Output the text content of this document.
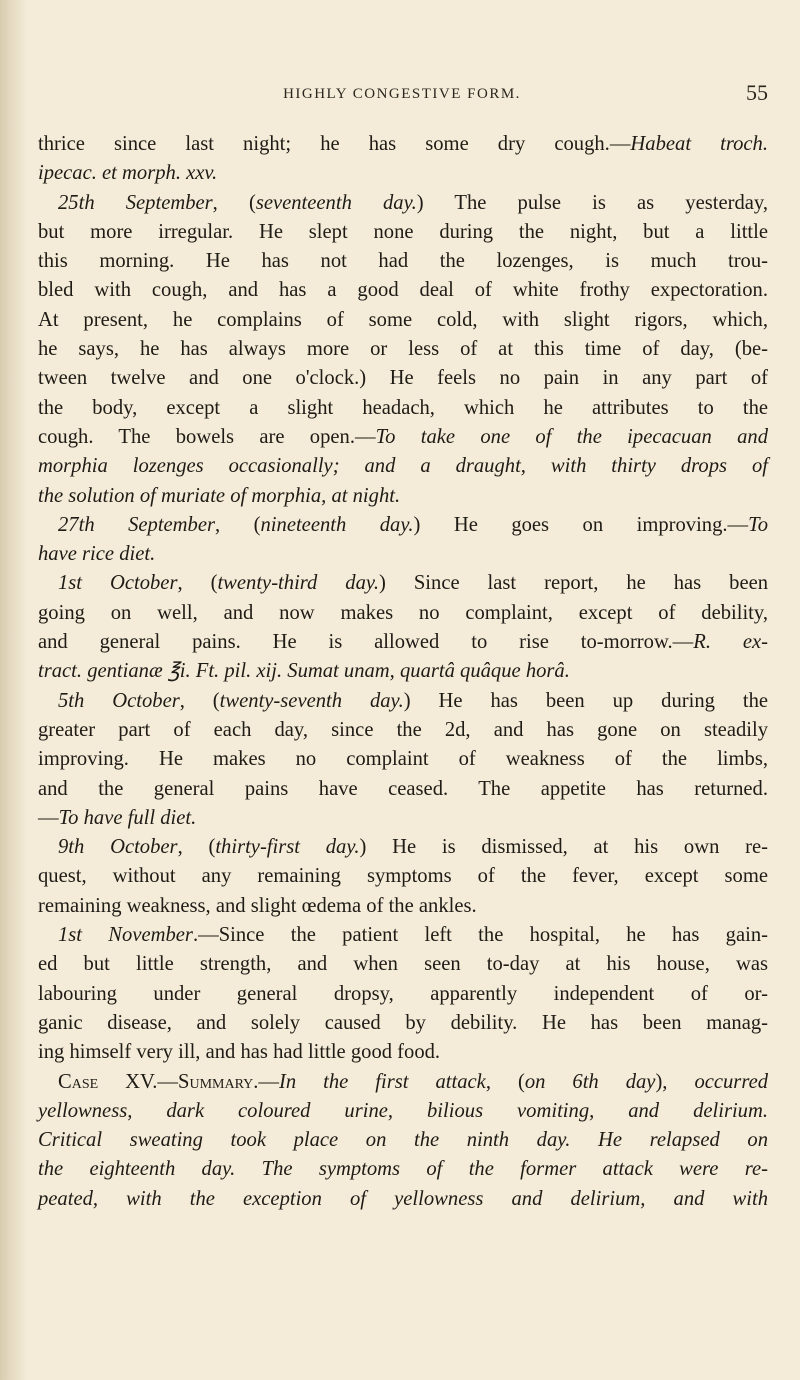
HIGHLY CONGESTIVE FORM.	55

thrice since last night; he has some dry cough.—Habeat troch.
ipecac. et morph. xxv.
25th September, (seventeenth day.) The pulse is as yesterday,
but more irregular. He slept none during the night, but a little
this morning. He has not had the lozenges, is much trou-
bled with cough, and has a good deal of white frothy expectoration.
At present, he complains of some cold, with slight rigors, which,
he says, he has always more or less of at this time of day, (be-
tween twelve and one o'clock.) He feels no pain in any part of
the body, except a slight headach, which he attributes to the
cough. The bowels are open.—To take one of the ipecacuan and
morphia lozenges occasionally; and a draught, with thirty drops of
the solution of muriate of morphia, at night.
27th September, (nineteenth day.) He goes on improving.—To
have rice diet.
1st October, (twenty-third day.) Since last report, he has been
going on well, and now makes no complaint, except of debility,
and general pains. He is allowed to rise to-morrow.—R. ex-
tract. gentianæ ℥i. Ft. pil. xij. Sumat unam, quartâ quâque horâ.
5th October, (twenty-seventh day.) He has been up during the
greater part of each day, since the 2d, and has gone on steadily
improving. He makes no complaint of weakness of the limbs,
and the general pains have ceased. The appetite has returned.
—To have full diet.
9th October, (thirty-first day.) He is dismissed, at his own re-
quest, without any remaining symptoms of the fever, except some
remaining weakness, and slight œdema of the ankles.
1st November.—Since the patient left the hospital, he has gain-
ed but little strength, and when seen to-day at his house, was
labouring under general dropsy, apparently independent of or-
ganic disease, and solely caused by debility. He has been manag-
ing himself very ill, and has had little good food.

Case XV.—Summary.—In the first attack, (on 6th day), occurred
yellowness, dark coloured urine, bilious vomiting, and delirium.
Critical sweating took place on the ninth day. He relapsed on
the eighteenth day. The symptoms of the former attack were re-
peated, with the exception of yellowness and delirium, and with
